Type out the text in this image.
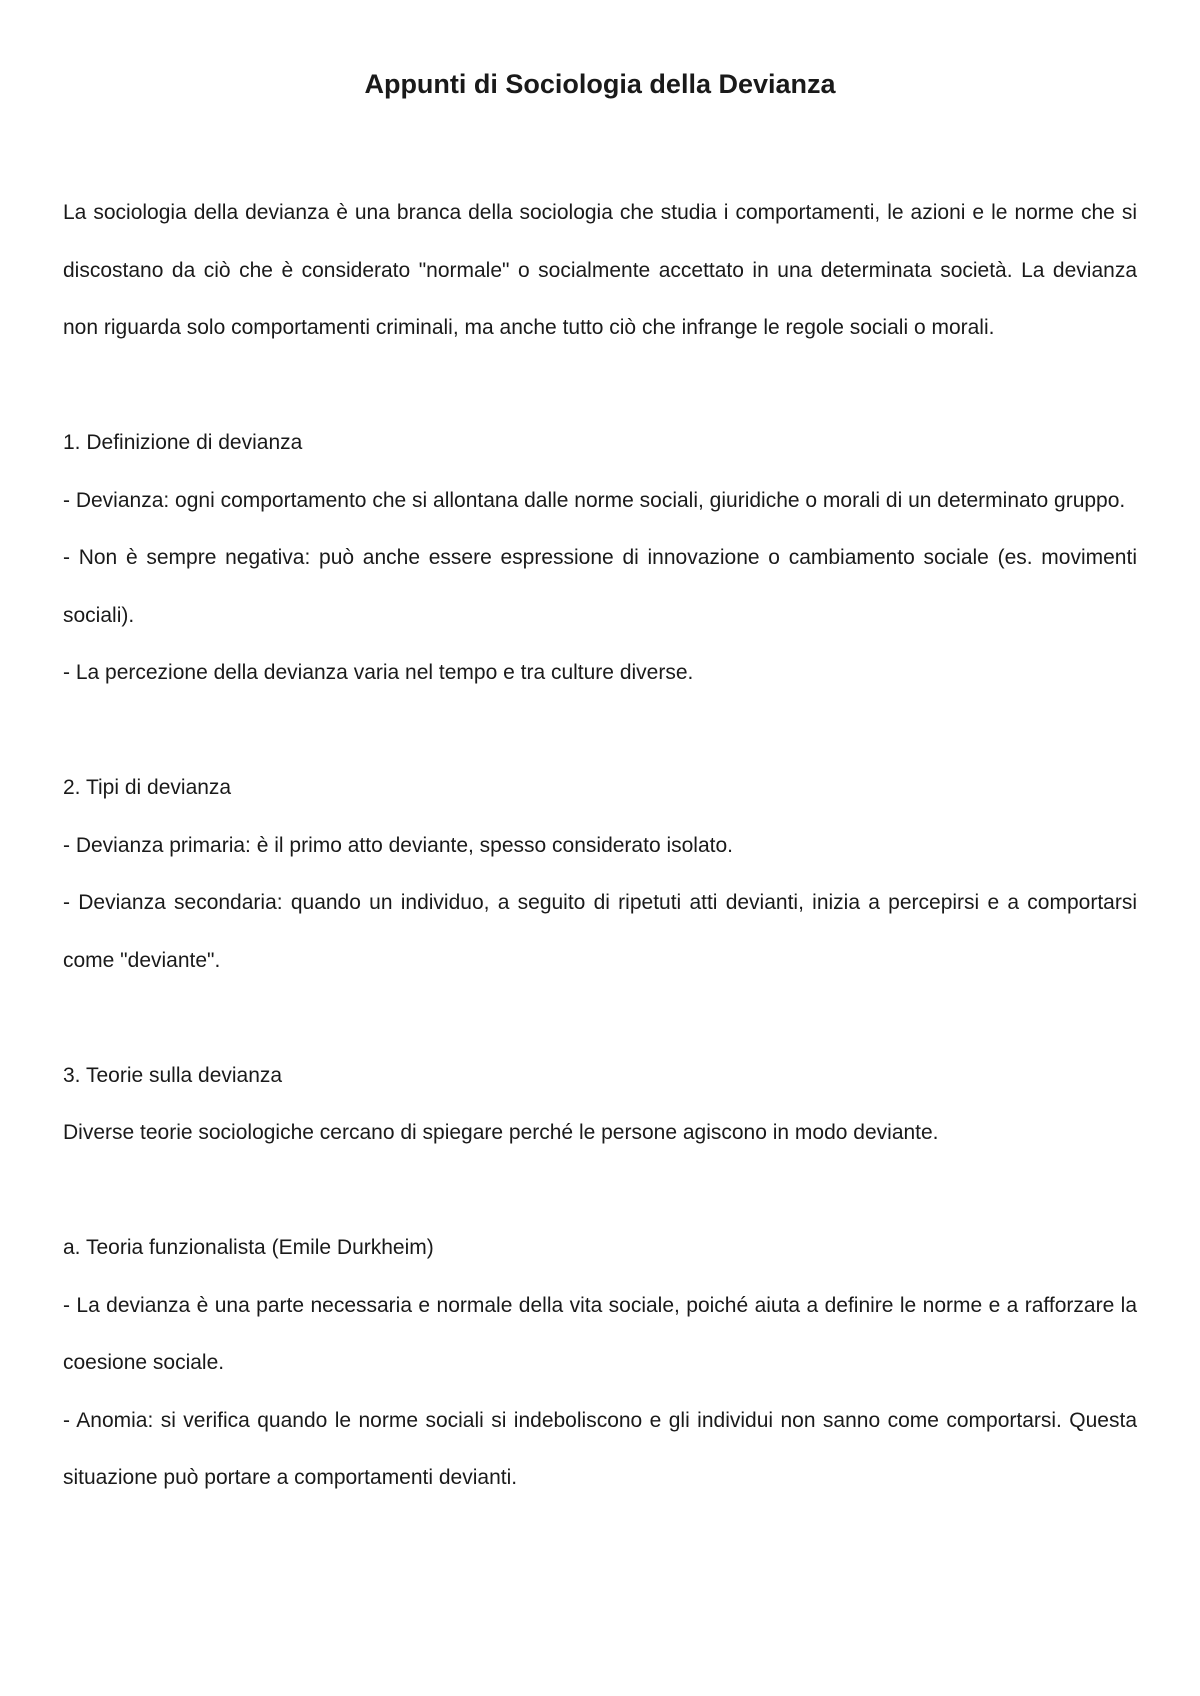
Appunti di Sociologia della Devianza

La sociologia della devianza è una branca della sociologia che studia i comportamenti, le azioni e le norme che si discostano da ciò che è considerato "normale" o socialmente accettato in una determinata società. La devianza non riguarda solo comportamenti criminali, ma anche tutto ciò che infrange le regole sociali o morali.

1. Definizione di devianza

- Devianza: ogni comportamento che si allontana dalle norme sociali, giuridiche o morali di un determinato gruppo.

- Non è sempre negativa: può anche essere espressione di innovazione o cambiamento sociale (es. movimenti sociali).

- La percezione della devianza varia nel tempo e tra culture diverse.

2. Tipi di devianza

- Devianza primaria: è il primo atto deviante, spesso considerato isolato.

- Devianza secondaria: quando un individuo, a seguito di ripetuti atti devianti, inizia a percepirsi e a comportarsi come "deviante".

3. Teorie sulla devianza

Diverse teorie sociologiche cercano di spiegare perché le persone agiscono in modo deviante.

a. Teoria funzionalista (Emile Durkheim)

- La devianza è una parte necessaria e normale della vita sociale, poiché aiuta a definire le norme e a rafforzare la coesione sociale.

- Anomia: si verifica quando le norme sociali si indeboliscono e gli individui non sanno come comportarsi. Questa situazione può portare a comportamenti devianti.
